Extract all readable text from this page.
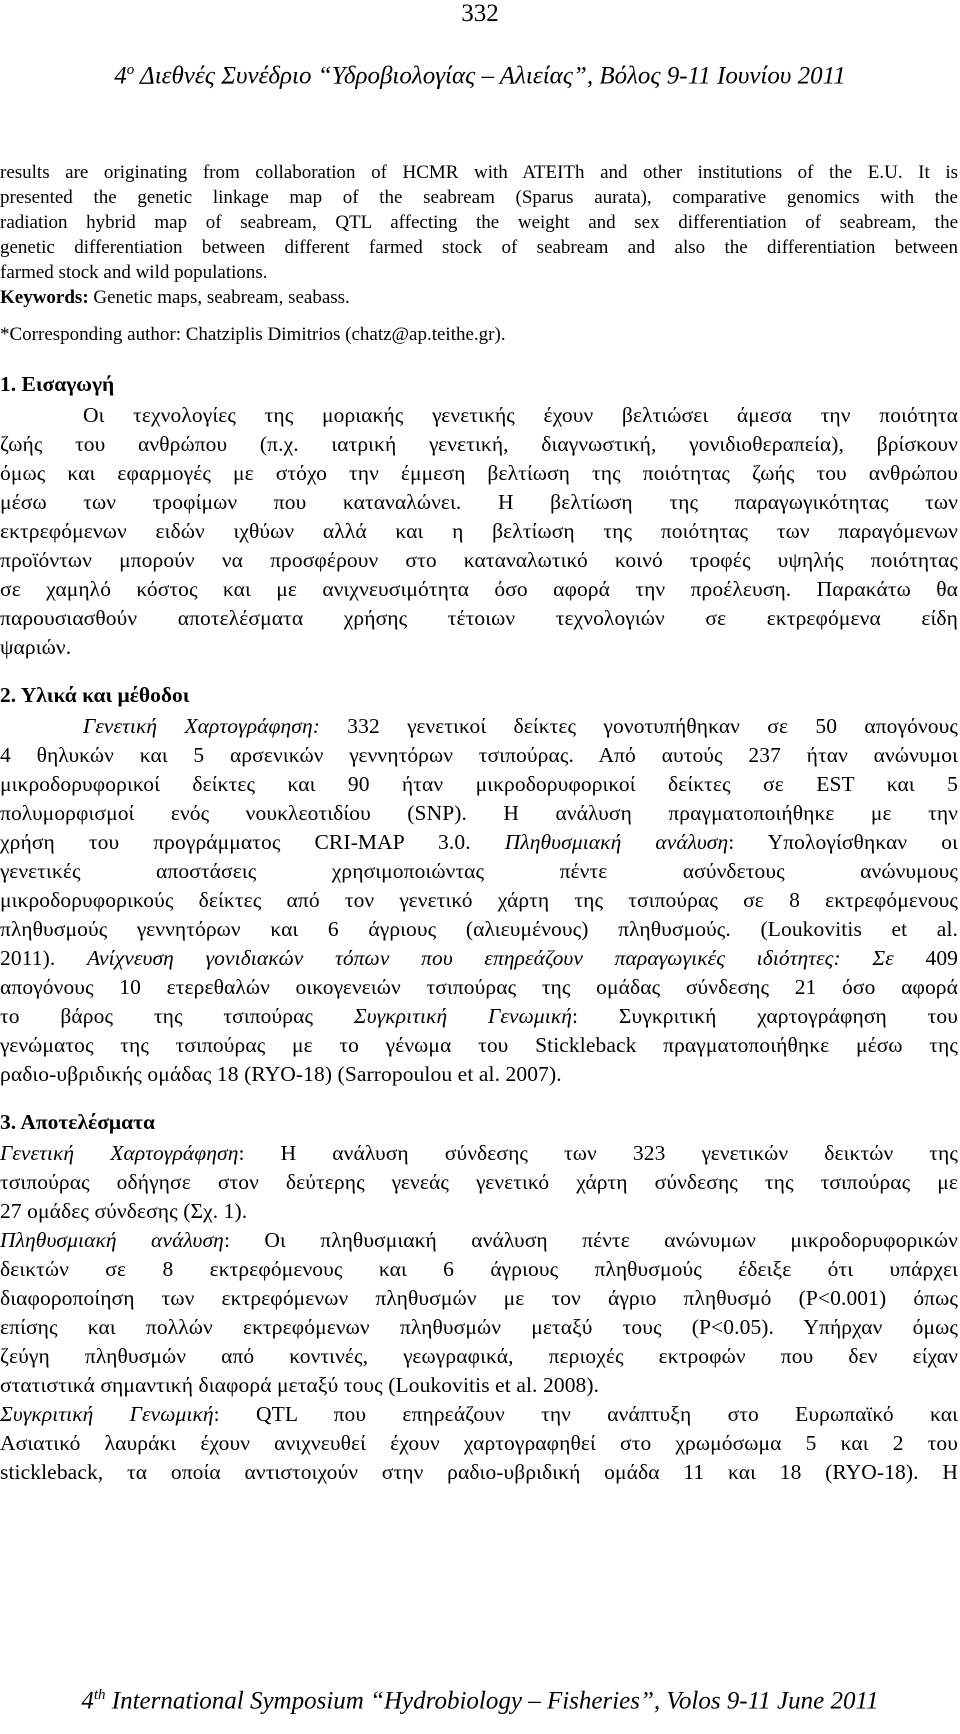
332
$4^o$ Διεθνές Συνέδριο “Υδροβιολογίας – Αλιείας”, Βόλος 9-11 Ιουνίου 2011
results are originating from collaboration of HCMR with ATEITh and other institutions of the E.U. It is
presented the genetic linkage map of the seabream (Sparus aurata), comparative genomics with the
radiation hybrid map of seabream, QTL affecting the weight and sex differentiation of seabream, the
genetic differentiation between different farmed stock of seabream and also the differentiation between
farmed stock and wild populations.
Keywords: Genetic maps, seabream, seabass.
*Corresponding author: Chatziplis Dimitrios (chatz@ap.teithe.gr).
1. Εισαγωγή
Οι τεχνολογίες της μοριακής γενετικής έχουν βελτιώσει άμεσα την ποιότητα
ζωής του ανθρώπου (π.χ. ιατρική γενετική, διαγνωστική, γονιδιοθεραπεία), βρίσκουν
όμως και εφαρμογές με στόχο την έμμεση βελτίωση της ποιότητας ζωής του ανθρώπου
μέσω των τροφίμων που καταναλώνει. Η βελτίωση της παραγωγικότητας των
εκτρεφόμενων ειδών ιχθύων αλλά και η βελτίωση της ποιότητας των παραγόμενων
προϊόντων μπορούν να προσφέρουν στο καταναλωτικό κοινό τροφές υψηλής ποιότητας
σε χαμηλό κόστος και με ανιχνευσιμότητα όσο αφορά την προέλευση. Παρακάτω θα
παρουσιασθούν αποτελέσματα χρήσης τέτοιων τεχνολογιών σε εκτρεφόμενα είδη
ψαριών.
2. Υλικά και μέθοδοι
Γενετική Χαρτογράφηση: 332 γενετικοί δείκτες γονοτυπήθηκαν σε 50 απογόνους
4 θηλυκών και 5 αρσενικών γεννητόρων τσιπούρας. Από αυτούς 237 ήταν ανώνυμοι
μικροδορυφορικοί δείκτες και 90 ήταν μικροδορυφορικοί δείκτες σε EST και 5
πολυμορφισμοί ενός νουκλεοτιδίου (SNP). Η ανάλυση πραγματοποιήθηκε με την
χρήση του προγράμματος CRI-MAP 3.0. Πληθυσμιακή ανάλυση: Υπολογίσθηκαν οι
γενετικές αποστάσεις χρησιμοποιώντας πέντε ασύνδετους ανώνυμους
μικροδορυφορικούς δείκτες από τον γενετικό χάρτη της τσιπούρας σε 8 εκτρεφόμενους
πληθυσμούς γεννητόρων και 6 άγριους (αλιευμένους) πληθυσμούς. (Loukovitis et al.
2011). Ανίχνευση γονιδιακών τόπων που επηρεάζουν παραγωγικές ιδιότητες: Σε 409
απογόνους 10 ετερεθαλών οικογενειών τσιπούρας της ομάδας σύνδεσης 21 όσο αφορά
το βάρος της τσιπούρας Συγκριτική Γενωμική: Συγκριτική χαρτογράφηση του
γενώματος της τσιπούρας με το γένωμα του Stickleback πραγματοποιήθηκε μέσω της
ραδιο-υβριδικής ομάδας 18 (RYO-18) (Sarropoulou et al. 2007).
3. Αποτελέσματα
Γενετική Χαρτογράφηση: Η ανάλυση σύνδεσης των 323 γενετικών δεικτών της
τσιπούρας οδήγησε στον δεύτερης γενεάς γενετικό χάρτη σύνδεσης της τσιπούρας με
27 ομάδες σύνδεσης (Σχ. 1).
Πληθυσμιακή ανάλυση: Οι πληθυσμιακή ανάλυση πέντε ανώνυμων μικροδορυφορικών
δεικτών σε 8 εκτρεφόμενους και 6 άγριους πληθυσμούς έδειξε ότι υπάρχει
διαφοροποίηση των εκτρεφόμενων πληθυσμών με τον άγριο πληθυσμό (P<0.001) όπως
επίσης και πολλών εκτρεφόμενων πληθυσμών μεταξύ τους (P<0.05). Υπήρχαν όμως
ζεύγη πληθυσμών από κοντινές, γεωγραφικά, περιοχές εκτροφών που δεν είχαν
στατιστικά σημαντική διαφορά μεταξύ τους (Loukovitis et al. 2008).
Συγκριτική Γενωμική: QTL που επηρεάζουν την ανάπτυξη στο Ευρωπαϊκό και
Ασιατικό λαυράκι έχουν ανιχνευθεί έχουν χαρτογραφηθεί στο χρωμόσωμα 5 και 2 του
stickleback, τα οποία αντιστοιχούν στην ραδιο-υβριδική ομάδα 11 και 18 (RYO-18). Η
4th International Symposium “Hydrobiology – Fisheries”, Volos 9-11 June 2011
